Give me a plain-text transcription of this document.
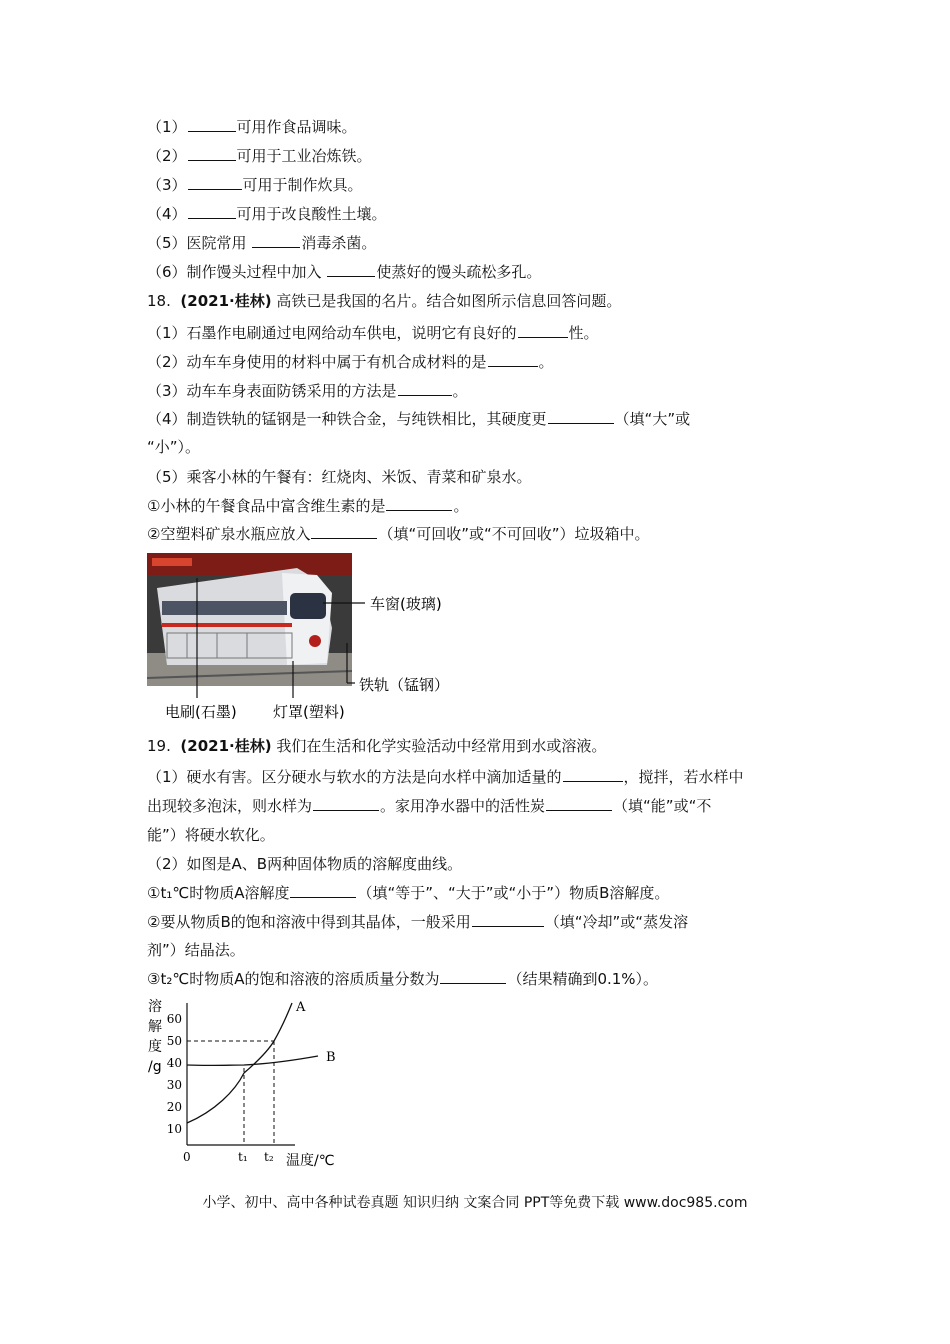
（1）	可用作食品调味。
（2）	可用于工业冶炼铁。
（3）	可用于制作炊具。
（4）	可用于改良酸性土壤。
（5）医院常用	消毒杀菌。
（6）制作馒头过程中加入	使蒸好的馒头疏松多孔。
18. (2021·桂林) 高铁已是我国的名片。结合如图所示信息回答问题。
（1）石墨作电刷通过电网给动车供电，说明它有良好的	性。
（2）动车车身使用的材料中属于有机合成材料的是	。
（3）动车车身表面防锈采用的方法是	。
（4）制造铁轨的锰钢是一种铁合金，与纯铁相比，其硬度更	（填“大”或
“小”）。
（5）乘客小林的午餐有：红烧肉、米饭、青菜和矿泉水。
①小林的午餐食品中富含维生素的是	。
②空塑料矿泉水瓶应放入	（填“可回收”或“不可回收”）垃圾箱中。
车窗(玻璃)
铁轨（锰钢）
电刷(石墨) 灯罩(塑料)
19. (2021·桂林) 我们在生活和化学实验活动中经常用到水或溶液。
（1）硬水有害。区分硬水与软水的方法是向水样中滴加适量的	，搅拌，若水样中
出现较多泡沫，则水样为	。家用净水器中的活性炭	（填“能”或“不
能”）将硬水软化。
（2）如图是A、B两种固体物质的溶解度曲线。
①t₁℃时物质A溶解度	（填“等于”、“大于”或“小于”）物质B溶解度。
②要从物质B的饱和溶液中得到其晶体，一般采用	（填“冷却”或“蒸发溶
剂”）结晶法。
③t₂℃时物质A的饱和溶液的溶质质量分数为	（结果精确到0.1%）。
溶
解
度
/g
10
20
30
40
50
60
0	t₁ t₂ 温度/℃
A
B
小学、初中、高中各种试卷真题 知识归纳 文案合同 PPT等免费下载 www.doc985.com
